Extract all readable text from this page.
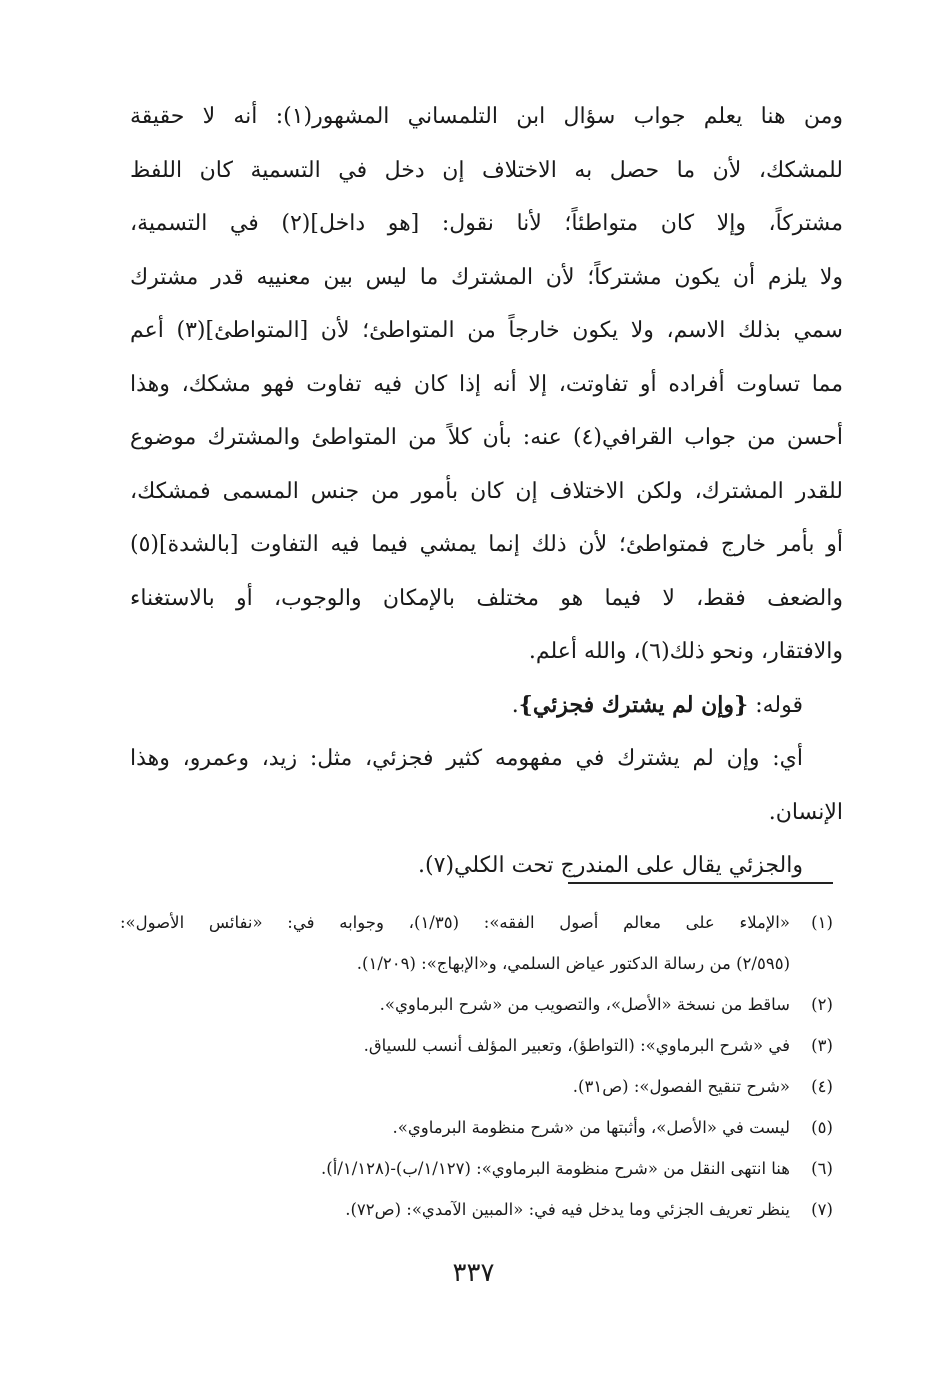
ومن هنا يعلم جواب سؤال ابن التلمساني المشهور(١): أنه لا حقيقة
للمشكك، لأن ما حصل به الاختلاف إن دخل في التسمية كان اللفظ
مشتركاً، وإلا كان متواطئاً؛ لأنا نقول: [هو داخل](٢) في التسمية،
ولا يلزم أن يكون مشتركاً؛ لأن المشترك ما ليس بين معنييه قدر مشترك
سمي بذلك الاسم، ولا يكون خارجاً من المتواطئ؛ لأن [المتواطئ](٣) أعم
مما تساوت أفراده أو تفاوتت، إلا أنه إذا كان فيه تفاوت فهو مشكك، وهذا
أحسن من جواب القرافي(٤) عنه: بأن كلاً من المتواطئ والمشترك موضوع
للقدر المشترك، ولكن الاختلاف إن كان بأمور من جنس المسمى فمشكك،
أو بأمر خارج فمتواطئ؛ لأن ذلك إنما يمشي فيما فيه التفاوت [بالشدة](٥)
والضعف فقط، لا فيما هو مختلف بالإمكان والوجوب، أو بالاستغناء
والافتقار، ونحو ذلك(٦)، والله أعلم.
قوله: {وإن لم يشترك فجزئي}.
أي: وإن لم يشترك في مفهومه كثير فجزئي، مثل: زيد، وعمرو، وهذا
الإنسان.
والجزئي يقال على المندرج تحت الكلي(٧).
(١)
«الإملاء على معالم أصول الفقه»: (١/٣٥)، وجوابه في: «نفائس الأصول»:
(٢/٥٩٥) من رسالة الدكتور عياض السلمي، و«الإبهاج»: (١/٢٠٩).
(٢)
ساقط من نسخة «الأصل»، والتصويب من «شرح البرماوي».
(٣)
في «شرح البرماوي»: (التواطؤ)، وتعبير المؤلف أنسب للسياق.
(٤)
«شرح تنقيح الفصول»: (ص٣١).
(٥)
ليست في «الأصل»، وأثبتها من «شرح منظومة البرماوي».
(٦)
هنا انتهى النقل من «شرح منظومة البرماوي»: (١/١٢٧/ب)-(١/١٢٨/أ).
(٧)
ينظر تعريف الجزئي وما يدخل فيه في: «المبين الآمدي»: (ص٧٢).
٣٣٧
